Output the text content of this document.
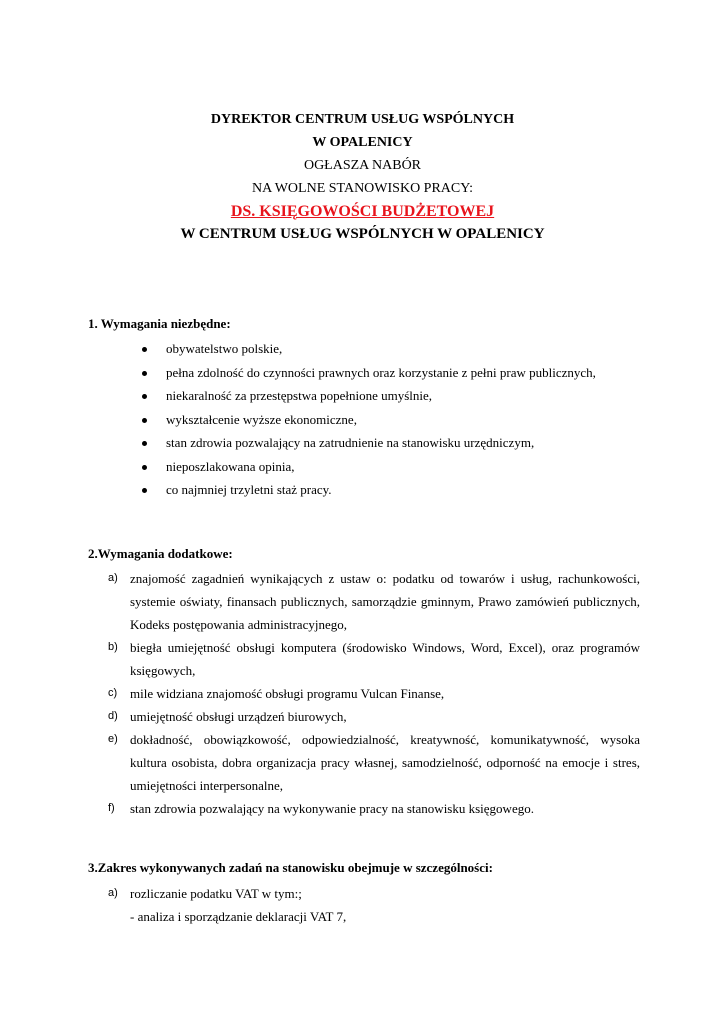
DYREKTOR CENTRUM USŁUG WSPÓLNYCH
W OPALENICY
OGŁASZA NABÓR
NA WOLNE STANOWISKO PRACY:
DS. KSIĘGOWOŚCI BUDŻETOWEJ
W CENTRUM USŁUG WSPÓLNYCH W OPALENICY
1. Wymagania niezbędne:
obywatelstwo polskie,
pełna zdolność do czynności prawnych oraz korzystanie z pełni praw publicznych,
niekaralność za przestępstwa popełnione umyślnie,
wykształcenie wyższe ekonomiczne,
stan zdrowia pozwalający na zatrudnienie na stanowisku urzędniczym,
nieposzlakowana opinia,
co najmniej trzyletni staż pracy.
2.Wymagania dodatkowe:
a) znajomość zagadnień wynikających z ustaw o: podatku od towarów i usług, rachunkowości, systemie oświaty, finansach publicznych, samorządzie gminnym, Prawo zamówień publicznych, Kodeks postępowania administracyjnego,
b) biegła umiejętność obsługi komputera (środowisko Windows, Word, Excel), oraz programów księgowych,
c) mile widziana znajomość obsługi programu Vulcan Finanse,
d) umiejętność obsługi urządzeń biurowych,
e) dokładność, obowiązkowość, odpowiedzialność, kreatywność, komunikatywność, wysoka kultura osobista, dobra organizacja pracy własnej, samodzielność, odporność na emocje i stres, umiejętności interpersonalne,
f) stan zdrowia pozwalający na wykonywanie pracy na stanowisku księgowego.
3.Zakres wykonywanych zadań na stanowisku obejmuje w szczególności:
a) rozliczanie podatku VAT w tym:;
- analiza i sporządzanie deklaracji VAT 7,
